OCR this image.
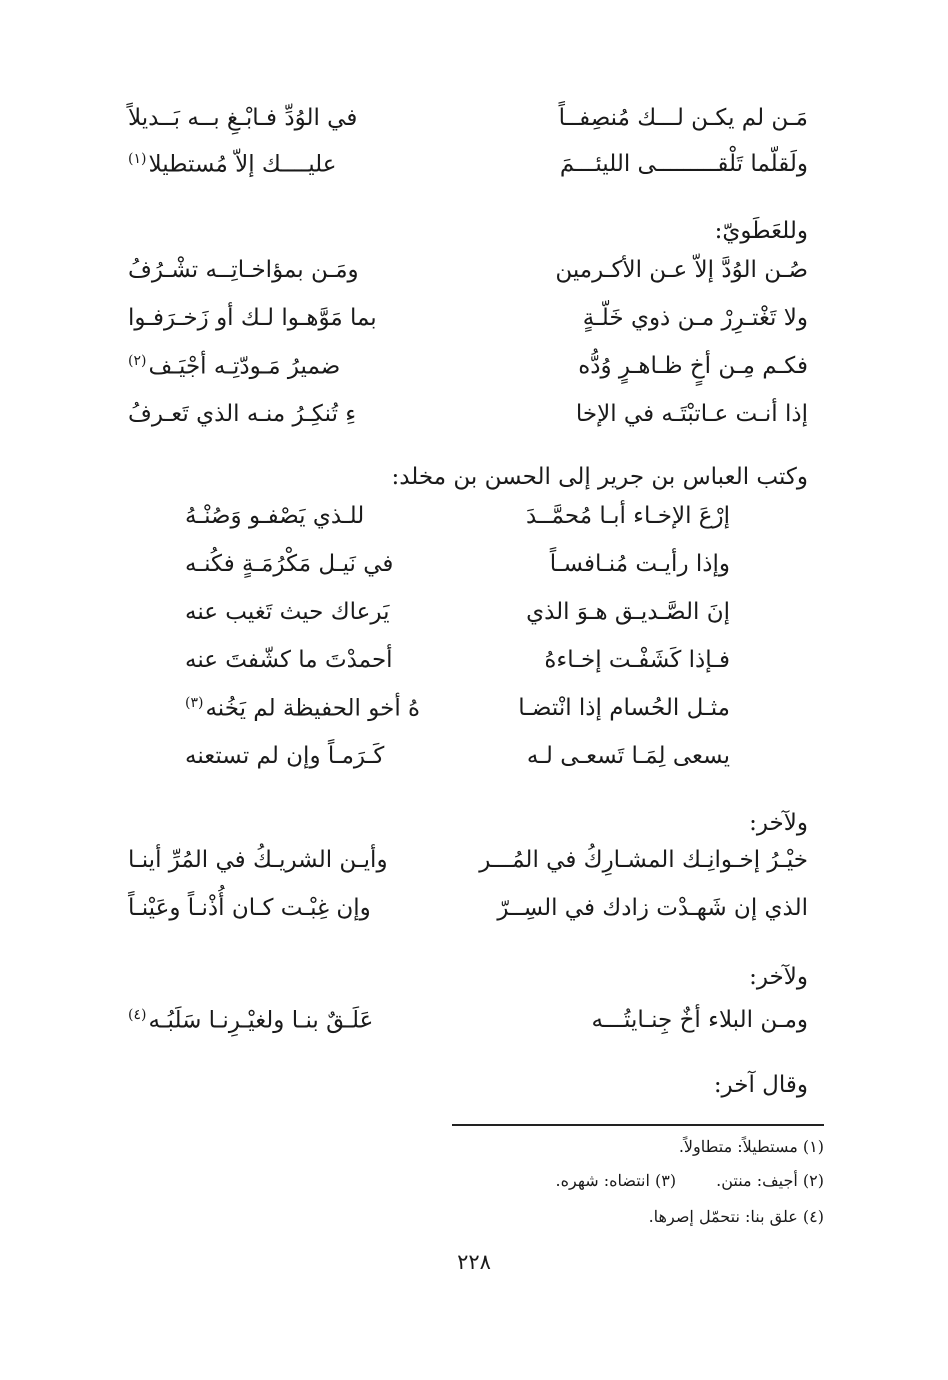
مَـن لم يكـن لـــك مُنصِفــاً
في الوُدِّ فـابْـغِ بــه بَــديلاً
ولَقلّما تَلْقـــــــــى الليئـــمَ
عليــــك إلاّ مُستطيلا$^{(١)}$
وللعَطَويّ:
صُـن الوُدَّ إلاّ عـن الأكـرمين
ومَـن بمؤاخـاتِــه تشْـرُفُ
ولا تَغْتـرِرْ مـن ذوي خَلّـةٍ
بما مَوَّهـوا لـك أو زَخـرَفـوا
فكـم مِـن أخٍ ظـاهـرٍ وُدُّه
ضميرُ مَـودّتِـه أجْيَـف$^{(٢)}$
إذا أنـت عـاتبْتَـه في الإخا
ءِ تُنكِـرُ منـه الذي تَعـرفُ
وكتب العباس بن جرير إلى الحسن بن مخلد:
إرْعَ الإخـاء أبـا مُحمَّــدَ
للـذي يَصْفـو وَصُنْـهُ
وإذا رأيـت مُنـافسـاً
في نَيـل مَكْرُمَـةٍ فكُنـه
إنَ الصَّـديـق هـوَ الذي
يَرعاك حيث تَغيب عنه
فـإذا كَشَفْـت إخـاءهُ
أحمدْتَ ما كشّفتَ عنه
مثـل الحُسام إذا انْتضـا
هُ أخو الحفيظة لم يَخُنه$^{(٣)}$
يسعى لِمَـا تَسعـى لـه
كَـرَمـاً وإن لم تستعنه
ولآخر:
خيْـرُ إخـوانِـك المشـارِكُ في المُـــر
وأيـن الشريـكُ في المُرِّ أينـا
الذي إن شَهـدْت زادك في السِــرّ
وإن غِبْـت كـان أُذْنـاً وعَيْنـاً
ولآخر:
ومـن البلاء أخٌ جِنـايتُـــه
عَلَـقٌ بنـا ولغيْـرِنـا سَلَبُـه$^{(٤)}$
وقال آخر:
(١) مستطيلاً: متطاولاً.
(٢) أجيف: منتن.(٣) انتضاه: شهره.
(٤) علق بنا: نتحمّل إصرها.
٢٢٨
